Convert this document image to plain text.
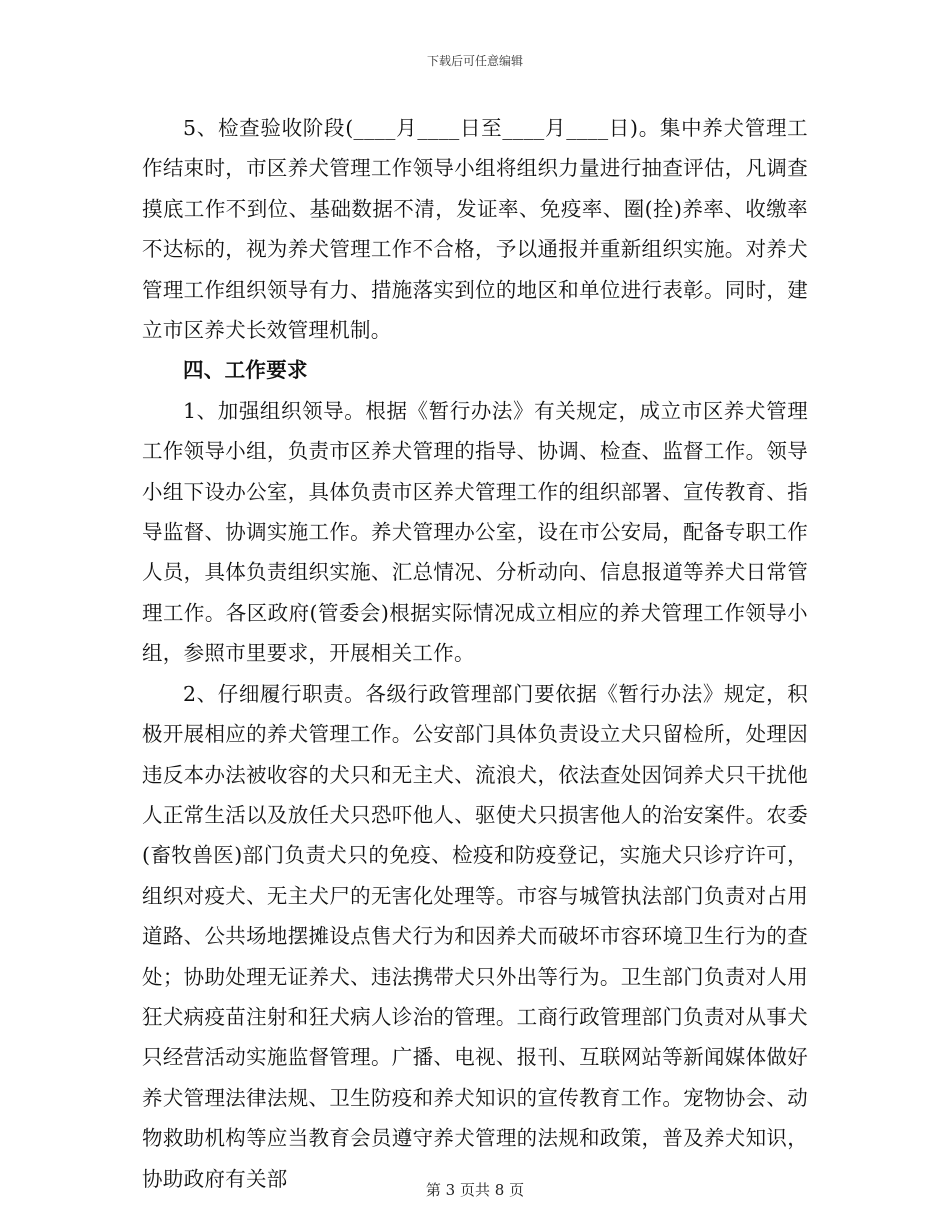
下载后可任意编辑

5、检查验收阶段(____月____日至____月____日)。集中养犬管理工作结束时，市区养犬管理工作领导小组将组织力量进行抽查评估，凡调查摸底工作不到位、基础数据不清，发证率、免疫率、圈(拴)养率、收缴率不达标的，视为养犬管理工作不合格，予以通报并重新组织实施。对养犬管理工作组织领导有力、措施落实到位的地区和单位进行表彰。同时，建立市区养犬长效管理机制。

四、工作要求

1、加强组织领导。根据《暂行办法》有关规定，成立市区养犬管理工作领导小组，负责市区养犬管理的指导、协调、检查、监督工作。领导小组下设办公室，具体负责市区养犬管理工作的组织部署、宣传教育、指导监督、协调实施工作。养犬管理办公室，设在市公安局，配备专职工作人员，具体负责组织实施、汇总情况、分析动向、信息报道等养犬日常管理工作。各区政府(管委会)根据实际情况成立相应的养犬管理工作领导小组，参照市里要求，开展相关工作。

2、仔细履行职责。各级行政管理部门要依据《暂行办法》规定，积极开展相应的养犬管理工作。公安部门具体负责设立犬只留检所，处理因违反本办法被收容的犬只和无主犬、流浪犬，依法查处因饲养犬只干扰他人正常生活以及放任犬只恐吓他人、驱使犬只损害他人的治安案件。农委(畜牧兽医)部门负责犬只的免疫、检疫和防疫登记，实施犬只诊疗许可，组织对疫犬、无主犬尸的无害化处理等。市容与城管执法部门负责对占用道路、公共场地摆摊设点售犬行为和因养犬而破坏市容环境卫生行为的查处；协助处理无证养犬、违法携带犬只外出等行为。卫生部门负责对人用狂犬病疫苗注射和狂犬病人诊治的管理。工商行政管理部门负责对从事犬只经营活动实施监督管理。广播、电视、报刊、互联网站等新闻媒体做好养犬管理法律法规、卫生防疫和养犬知识的宣传教育工作。宠物协会、动物救助机构等应当教育会员遵守养犬管理的法规和政策，普及养犬知识，协助政府有关部	第 3 页共 8 页
